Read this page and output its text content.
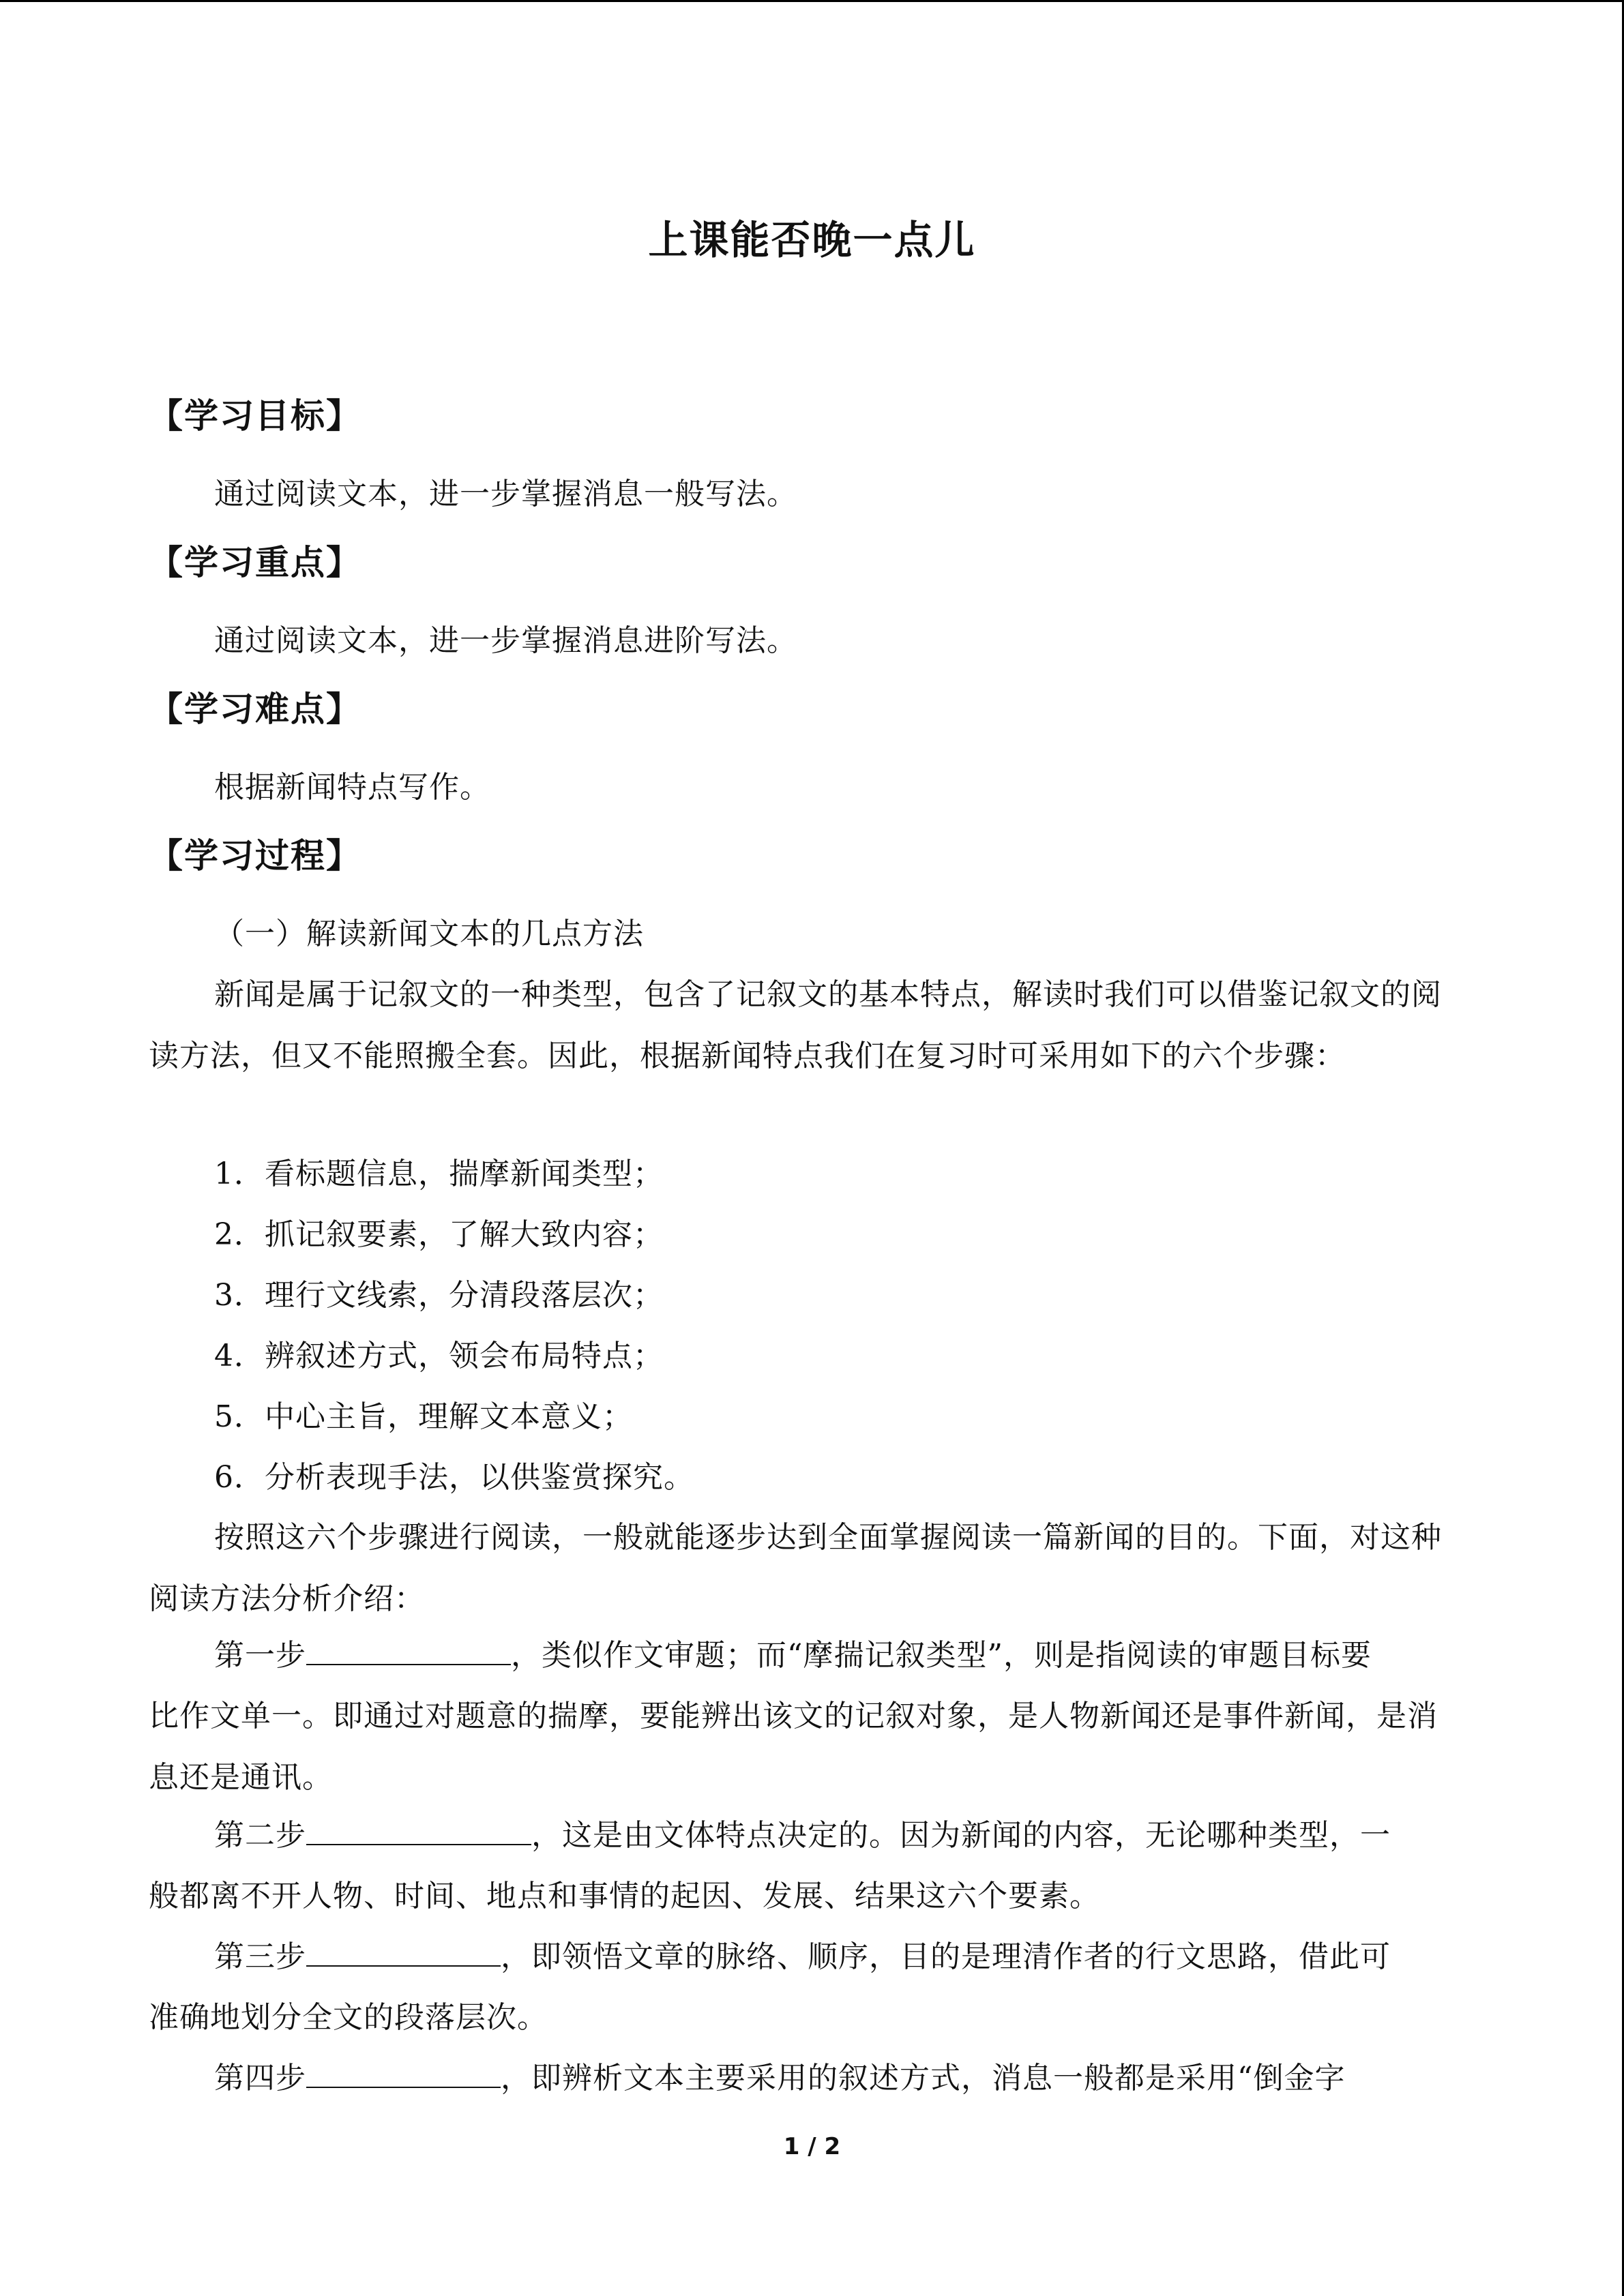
上课能否晚一点儿
【学习目标】
通过阅读文本，进一步掌握消息一般写法。
【学习重点】
通过阅读文本，进一步掌握消息进阶写法。
【学习难点】
根据新闻特点写作。
【学习过程】
（一）解读新闻文本的几点方法
新闻是属于记叙文的一种类型，包含了记叙文的基本特点，解读时我们可以借鉴记叙文的阅读方法，但又不能照搬全套。因此，根据新闻特点我们在复习时可采用如下的六个步骤：
1．看标题信息，揣摩新闻类型；
2．抓记叙要素，了解大致内容；
3．理行文线索，分清段落层次；
4．辨叙述方式，领会布局特点；
5．中心主旨，理解文本意义；
6．分析表现手法，以供鉴赏探究。
按照这六个步骤进行阅读，一般就能逐步达到全面掌握阅读一篇新闻的目的。下面，对这种阅读方法分析介绍：
第一步	，类似作文审题；而“摩揣记叙类型”，则是指阅读的审题目标要
比作文单一。即通过对题意的揣摩，要能辨出该文的记叙对象，是人物新闻还是事件新闻，是消息还是通讯。
第二步	，这是由文体特点决定的。因为新闻的内容，无论哪种类型，一
般都离不开人物、时间、地点和事情的起因、发展、结果这六个要素。
第三步	，即领悟文章的脉络、顺序，目的是理清作者的行文思路，借此可
准确地划分全文的段落层次。
第四步	，即辨析文本主要采用的叙述方式，消息一般都是采用“倒金字
1 / 2
